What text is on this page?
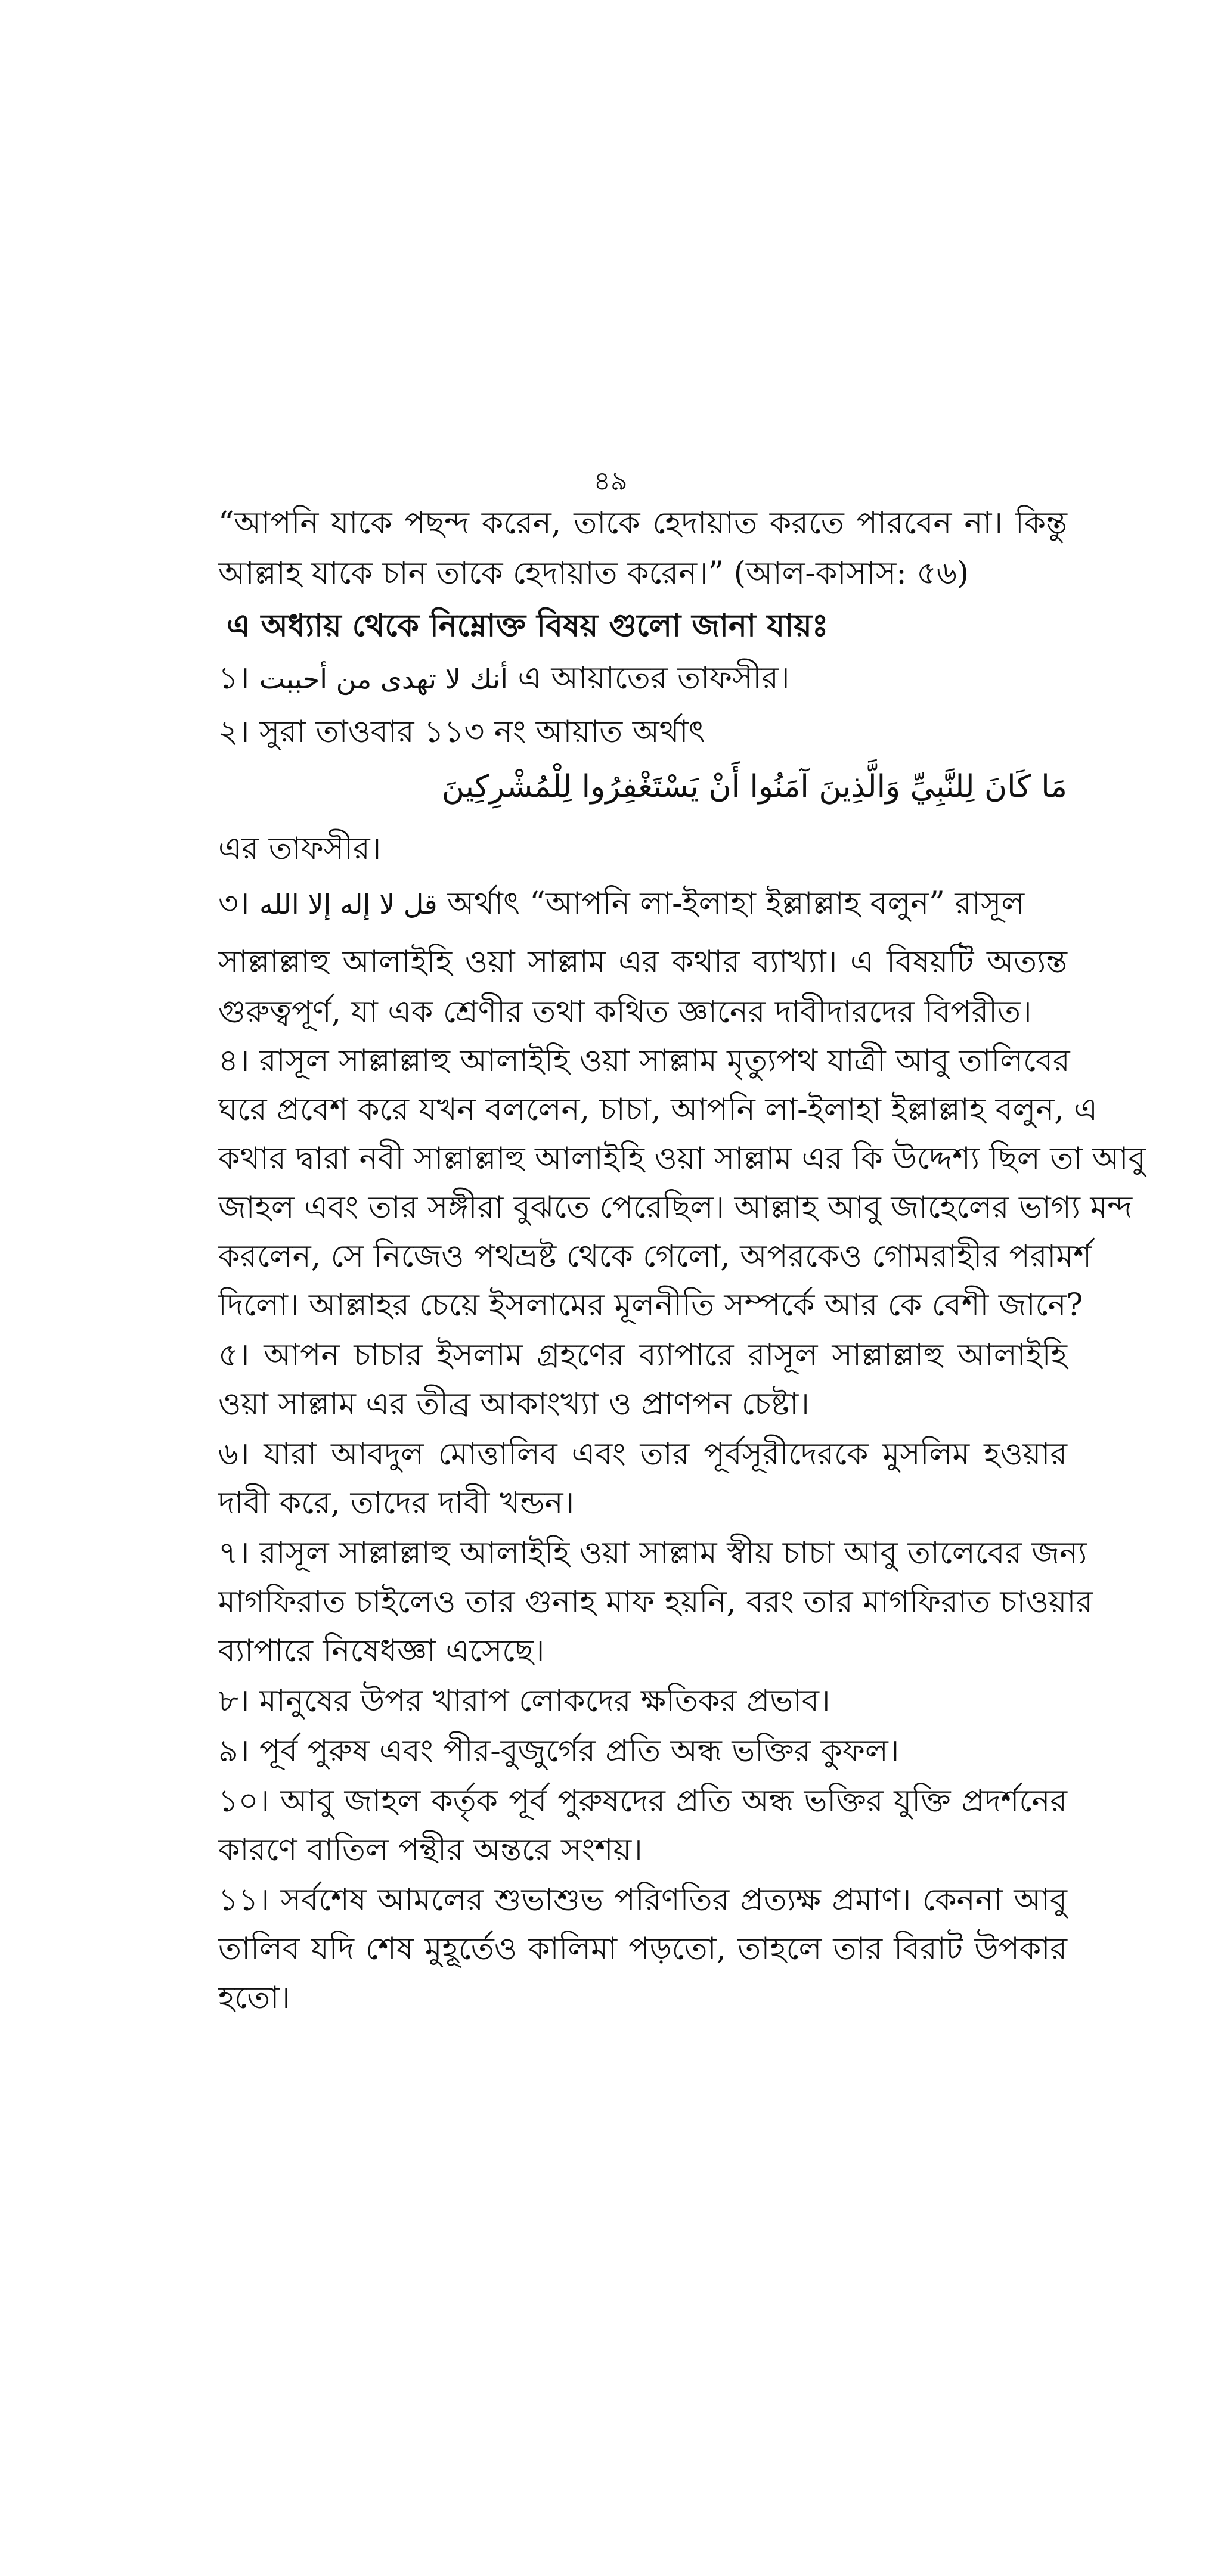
৪৯
“আপনি যাকে পছন্দ করেন, তাকে হেদায়াত করতে পারবেন না। কিন্তু
আল্লাহ যাকে চান তাকে হেদায়াত করেন।” (আল-কাসাস: ৫৬)
এ অধ্যায় থেকে নিম্নোক্ত বিষয় গুলো জানা যায়ঃ
১। أنك لا تهدى من أحببت এ আয়াতের তাফসীর।
২। সুরা তাওবার ১১৩ নং আয়াত অর্থাৎ
مَا كَانَ لِلنَّبِيِّ وَالَّذِينَ آمَنُوا أَنْ يَسْتَغْفِرُوا لِلْمُشْرِكِينَ
এর তাফসীর।
৩। قل لا إله إلا الله অর্থাৎ “আপনি লা-ইলাহা ইল্লাল্লাহ বলুন” রাসূল
সাল্লাল্লাহু আলাইহি ওয়া সাল্লাম এর কথার ব্যাখ্যা। এ বিষয়টি অত্যন্ত
গুরুত্বপূর্ণ, যা এক শ্রেণীর তথা কথিত জ্ঞানের দাবীদারদের বিপরীত।
৪। রাসূল সাল্লাল্লাহু আলাইহি ওয়া সাল্লাম মৃত্যুপথ যাত্রী আবু তালিবের
ঘরে প্রবেশ করে যখন বললেন, চাচা, আপনি লা-ইলাহা ইল্লাল্লাহ বলুন, এ
কথার দ্বারা নবী সাল্লাল্লাহু আলাইহি ওয়া সাল্লাম এর কি উদ্দেশ্য ছিল তা আবু
জাহল এবং তার সঙ্গীরা বুঝতে পেরেছিল। আল্লাহ আবু জাহেলের ভাগ্য মন্দ
করলেন, সে নিজেও পথভ্রষ্ট থেকে গেলো, অপরকেও গোমরাহীর পরামর্শ
দিলো। আল্লাহর চেয়ে ইসলামের মূলনীতি সম্পর্কে আর কে বেশী জানে?
৫। আপন চাচার ইসলাম গ্রহণের ব্যাপারে রাসূল সাল্লাল্লাহু আলাইহি
ওয়া সাল্লাম এর তীব্র আকাংখ্যা ও প্রাণপন চেষ্টা।
৬। যারা আবদুল মোত্তালিব এবং তার পূর্বসূরীদেরকে মুসলিম হওয়ার
দাবী করে, তাদের দাবী খন্ডন।
৭। রাসূল সাল্লাল্লাহু আলাইহি ওয়া সাল্লাম স্বীয় চাচা আবু তালেবের জন্য
মাগফিরাত চাইলেও তার গুনাহ মাফ হয়নি, বরং তার মাগফিরাত চাওয়ার
ব্যাপারে নিষেধজ্ঞা এসেছে।
৮। মানুষের উপর খারাপ লোকদের ক্ষতিকর প্রভাব।
৯। পূর্ব পুরুষ এবং পীর-বুজুর্গের প্রতি অন্ধ ভক্তির কুফল।
১০। আবু জাহল কর্তৃক পূর্ব পুরুষদের প্রতি অন্ধ ভক্তির যুক্তি প্রদর্শনের
কারণে বাতিল পন্থীর অন্তরে সংশয়।
১১। সর্বশেষ আমলের শুভাশুভ পরিণতির প্রত্যক্ষ প্রমাণ। কেননা আবু
তালিব যদি শেষ মুহূর্তেও কালিমা পড়তো, তাহলে তার বিরাট উপকার
হতো।
